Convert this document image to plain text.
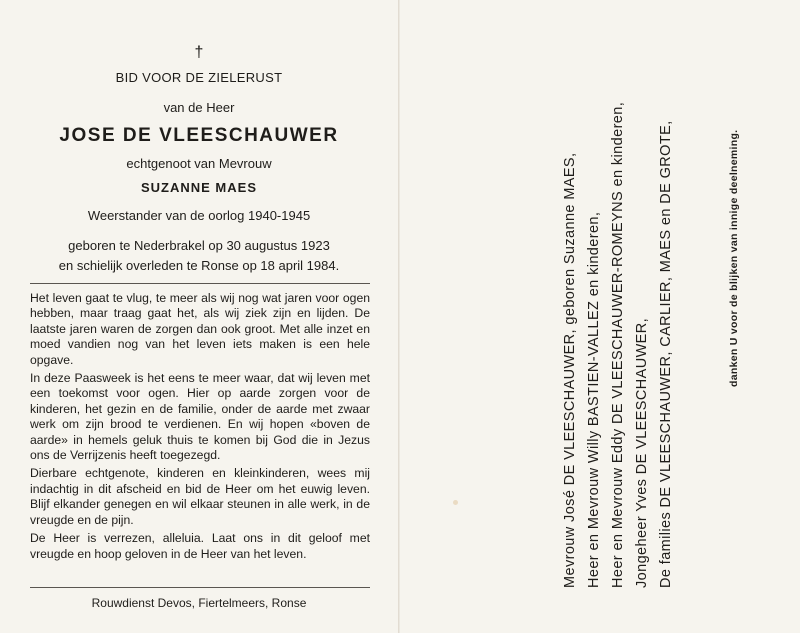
†
BID VOOR DE ZIELERUST
van de Heer
JOSE DE VLEESCHAUWER
echtgenoot van Mevrouw
SUZANNE MAES
Weerstander van de oorlog 1940-1945
geboren te Nederbrakel op 30 augustus 1923
en schielijk overleden te Ronse op 18 april 1984.

Het leven gaat te vlug, te meer als wij nog wat jaren voor ogen hebben, maar traag gaat het, als wij ziek zijn en lijden. De laatste jaren waren de zorgen dan ook groot. Met alle inzet en moed vandien nog van het leven iets maken is een hele opgave.

In deze Paasweek is het eens te meer waar, dat wij leven met een toekomst voor ogen. Hier op aarde zorgen voor de kinderen, het gezin en de familie, onder de aarde met zwaar werk om zijn brood te verdienen. En wij hopen «boven de aarde» in hemels geluk thuis te komen bij God die in Jezus ons de Verrijzenis heeft toegezegd.

Dierbare echtgenote, kinderen en kleinkinderen, wees mij indachtig in dit afscheid en bid de Heer om het euwig leven. Blijf elkander genegen en wil elkaar steunen in alle werk, in de vreugde en de pijn.

De Heer is verrezen, alleluia. Laat ons in dit geloof met vreugde en hoop geloven in de Heer van het leven.

Rouwdienst Devos, Fiertelmeers, Ronse
Mevrouw José DE VLEESCHAUWER, geboren Suzanne MAES, Heer en Mevrouw Willy BASTIEN-VALLEZ en kinderen, Heer en Mevrouw Eddy DE VLEESCHAUWER-ROMEYNS en kinderen, Jongeheer Yves DE VLEESCHAUWER, De families DE VLEESCHAUWER, CARLIER, MAES en DE GROTE,	danken U voor de blijken van innige deelneming.
